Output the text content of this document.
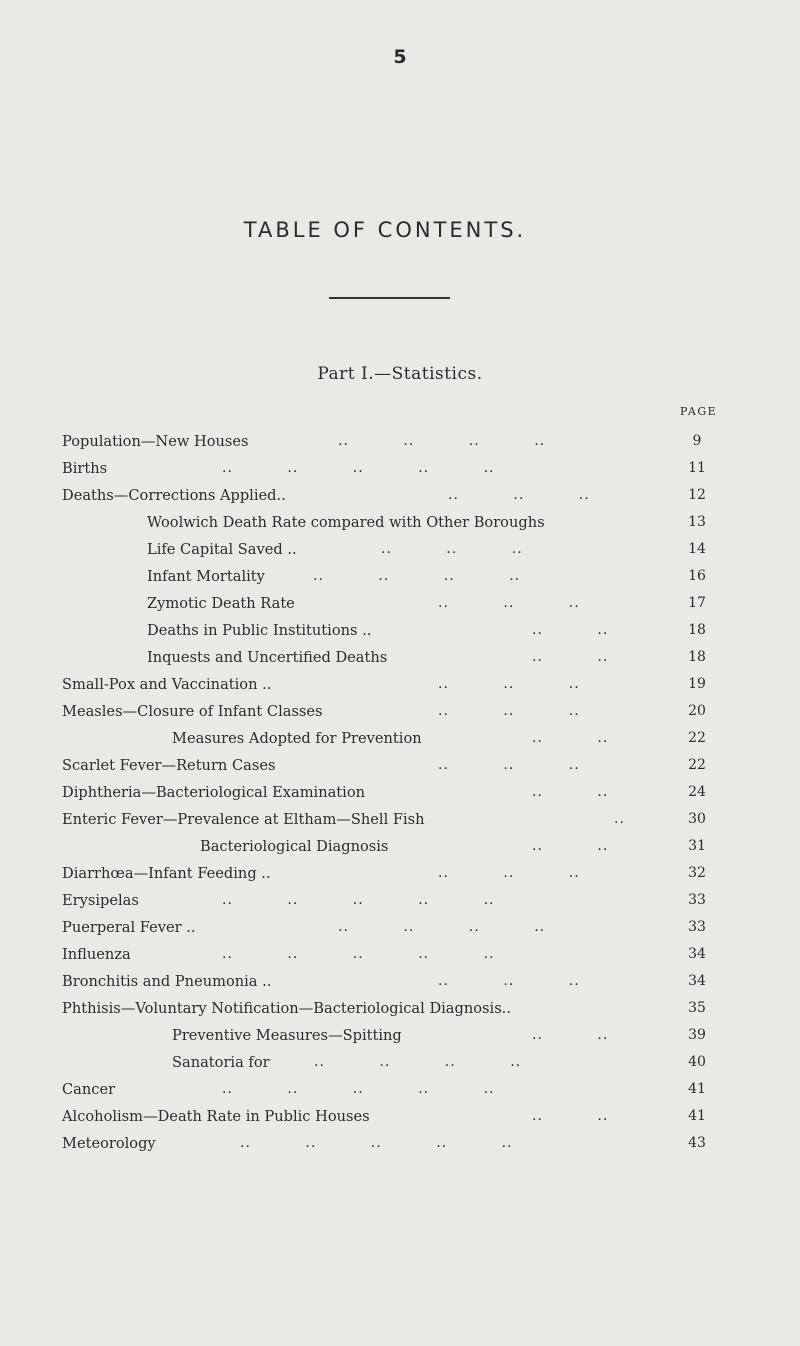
5
TABLE OF CONTENTS.
Part I.—Statistics.
PAGE
Population—New Houses	..          ..          ..          ..	9
Births	..          ..          ..          ..          ..	11
Deaths—Corrections Applied..	..          ..          ..	12
Woolwich Death Rate compared with Other Boroughs	13
Life Capital Saved ..	..          ..          ..	14
Infant Mortality	..          ..          ..          ..	16
Zymotic Death Rate	..          ..          ..	17
Deaths in Public Institutions ..	..          ..	18
Inquests and Uncertified Deaths	..          ..	18
Small-Pox and Vaccination ..	..          ..          ..	19
Measles—Closure of Infant Classes	..          ..          ..	20
Measures Adopted for Prevention	..          ..	22
Scarlet Fever—Return Cases	..          ..          ..	22
Diphtheria—Bacteriological Examination	..          ..	24
Enteric Fever—Prevalence at Eltham—Shell Fish	..	30
Bacteriological Diagnosis	..          ..	31
Diarrhœa—Infant Feeding ..	..          ..          ..	32
Erysipelas	..          ..          ..          ..          ..	33
Puerperal Fever ..	..          ..          ..          ..	33
Influenza	..          ..          ..          ..          ..	34
Bronchitis and Pneumonia ..	..          ..          ..	34
Phthisis—Voluntary Notification—Bacteriological Diagnosis..	35
Preventive Measures—Spitting	..          ..	39
Sanatoria for	..          ..          ..          ..	40
Cancer	..          ..          ..          ..          ..	41
Alcoholism—Death Rate in Public Houses	..          ..	41
Meteorology	..          ..          ..          ..          ..	43
